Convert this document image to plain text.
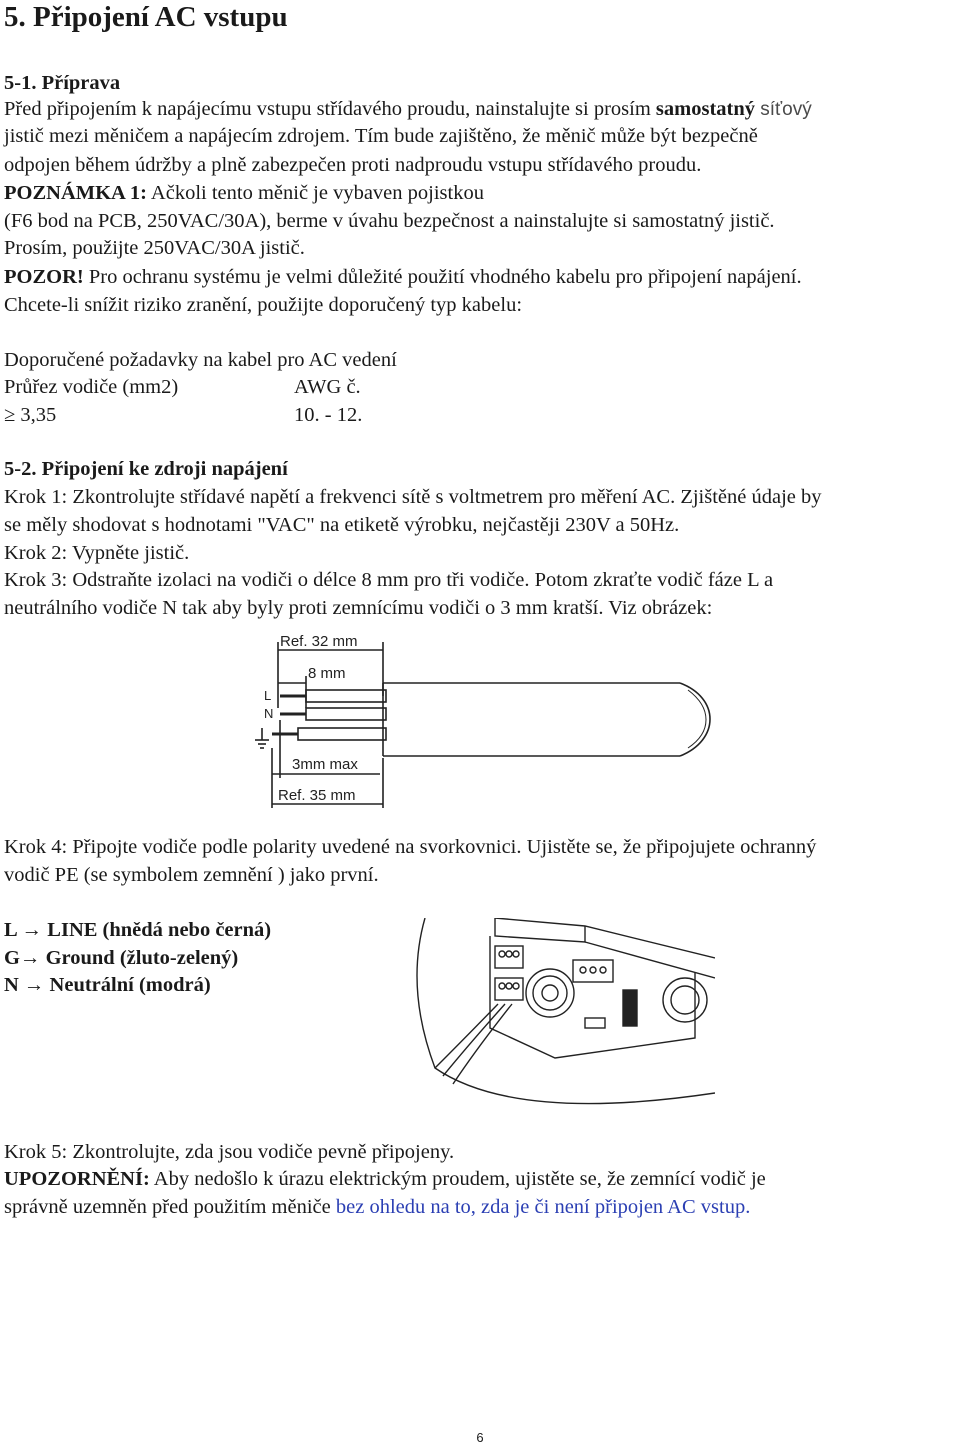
5. Připojení AC vstupu
5-1. Příprava
Před připojením k napájecímu vstupu střídavého proudu, nainstalujte si prosím samostatný síťový
jistič mezi měničem a napájecím zdrojem. Tím bude zajištěno, že měnič může být bezpečně
odpojen během údržby a plně zabezpečen proti nadproudu vstupu střídavého proudu.
POZNÁMKA 1: Ačkoli tento měnič je vybaven pojistkou
(F6 bod na PCB, 250VAC/30A), berme v úvahu bezpečnost a nainstalujte si samostatný jistič.
Prosím, použijte 250VAC/30A jistič.
POZOR! Pro ochranu systému je velmi důležité použití vhodného kabelu pro připojení napájení.
Chcete-li snížit riziko zranění, použijte doporučený typ kabelu:
Doporučené požadavky na kabel pro AC vedení
Průřez vodiče (mm2)	AWG č.
≥ 3,35	10. - 12.
5-2. Připojení ke zdroji napájení
Krok 1: Zkontrolujte střídavé napětí a frekvenci sítě s voltmetrem pro měření AC. Zjištěné údaje by
se měly shodovat s hodnotami "VAC" na etiketě výrobku, nejčastěji 230V a 50Hz.
Krok 2: Vypněte jistič.
Krok 3: Odstraňte izolaci na vodiči o délce 8 mm pro tři vodiče. Potom zkraťte vodič fáze L a
neutrálního vodiče N tak aby byly proti zemnícímu vodiči o 3 mm kratší. Viz obrázek:
Ref. 32 mm
8 mm
L
N
3mm max
Ref. 35 mm
Krok 4: Připojte vodiče podle polarity uvedené na svorkovnici. Ujistěte se, že připojujete ochranný
vodič PE (se symbolem zemnění ) jako první.
L → LINE (hnědá nebo černá)
G→ Ground (žluto-zelený)
N → Neutrální (modrá)
Krok 5: Zkontrolujte, zda jsou vodiče pevně připojeny.
UPOZORNĚNÍ: Aby nedošlo k úrazu elektrickým proudem, ujistěte se, že zemnící vodič je
správně uzemněn před použitím měniče bez ohledu na to, zda je či není připojen AC vstup.
6
